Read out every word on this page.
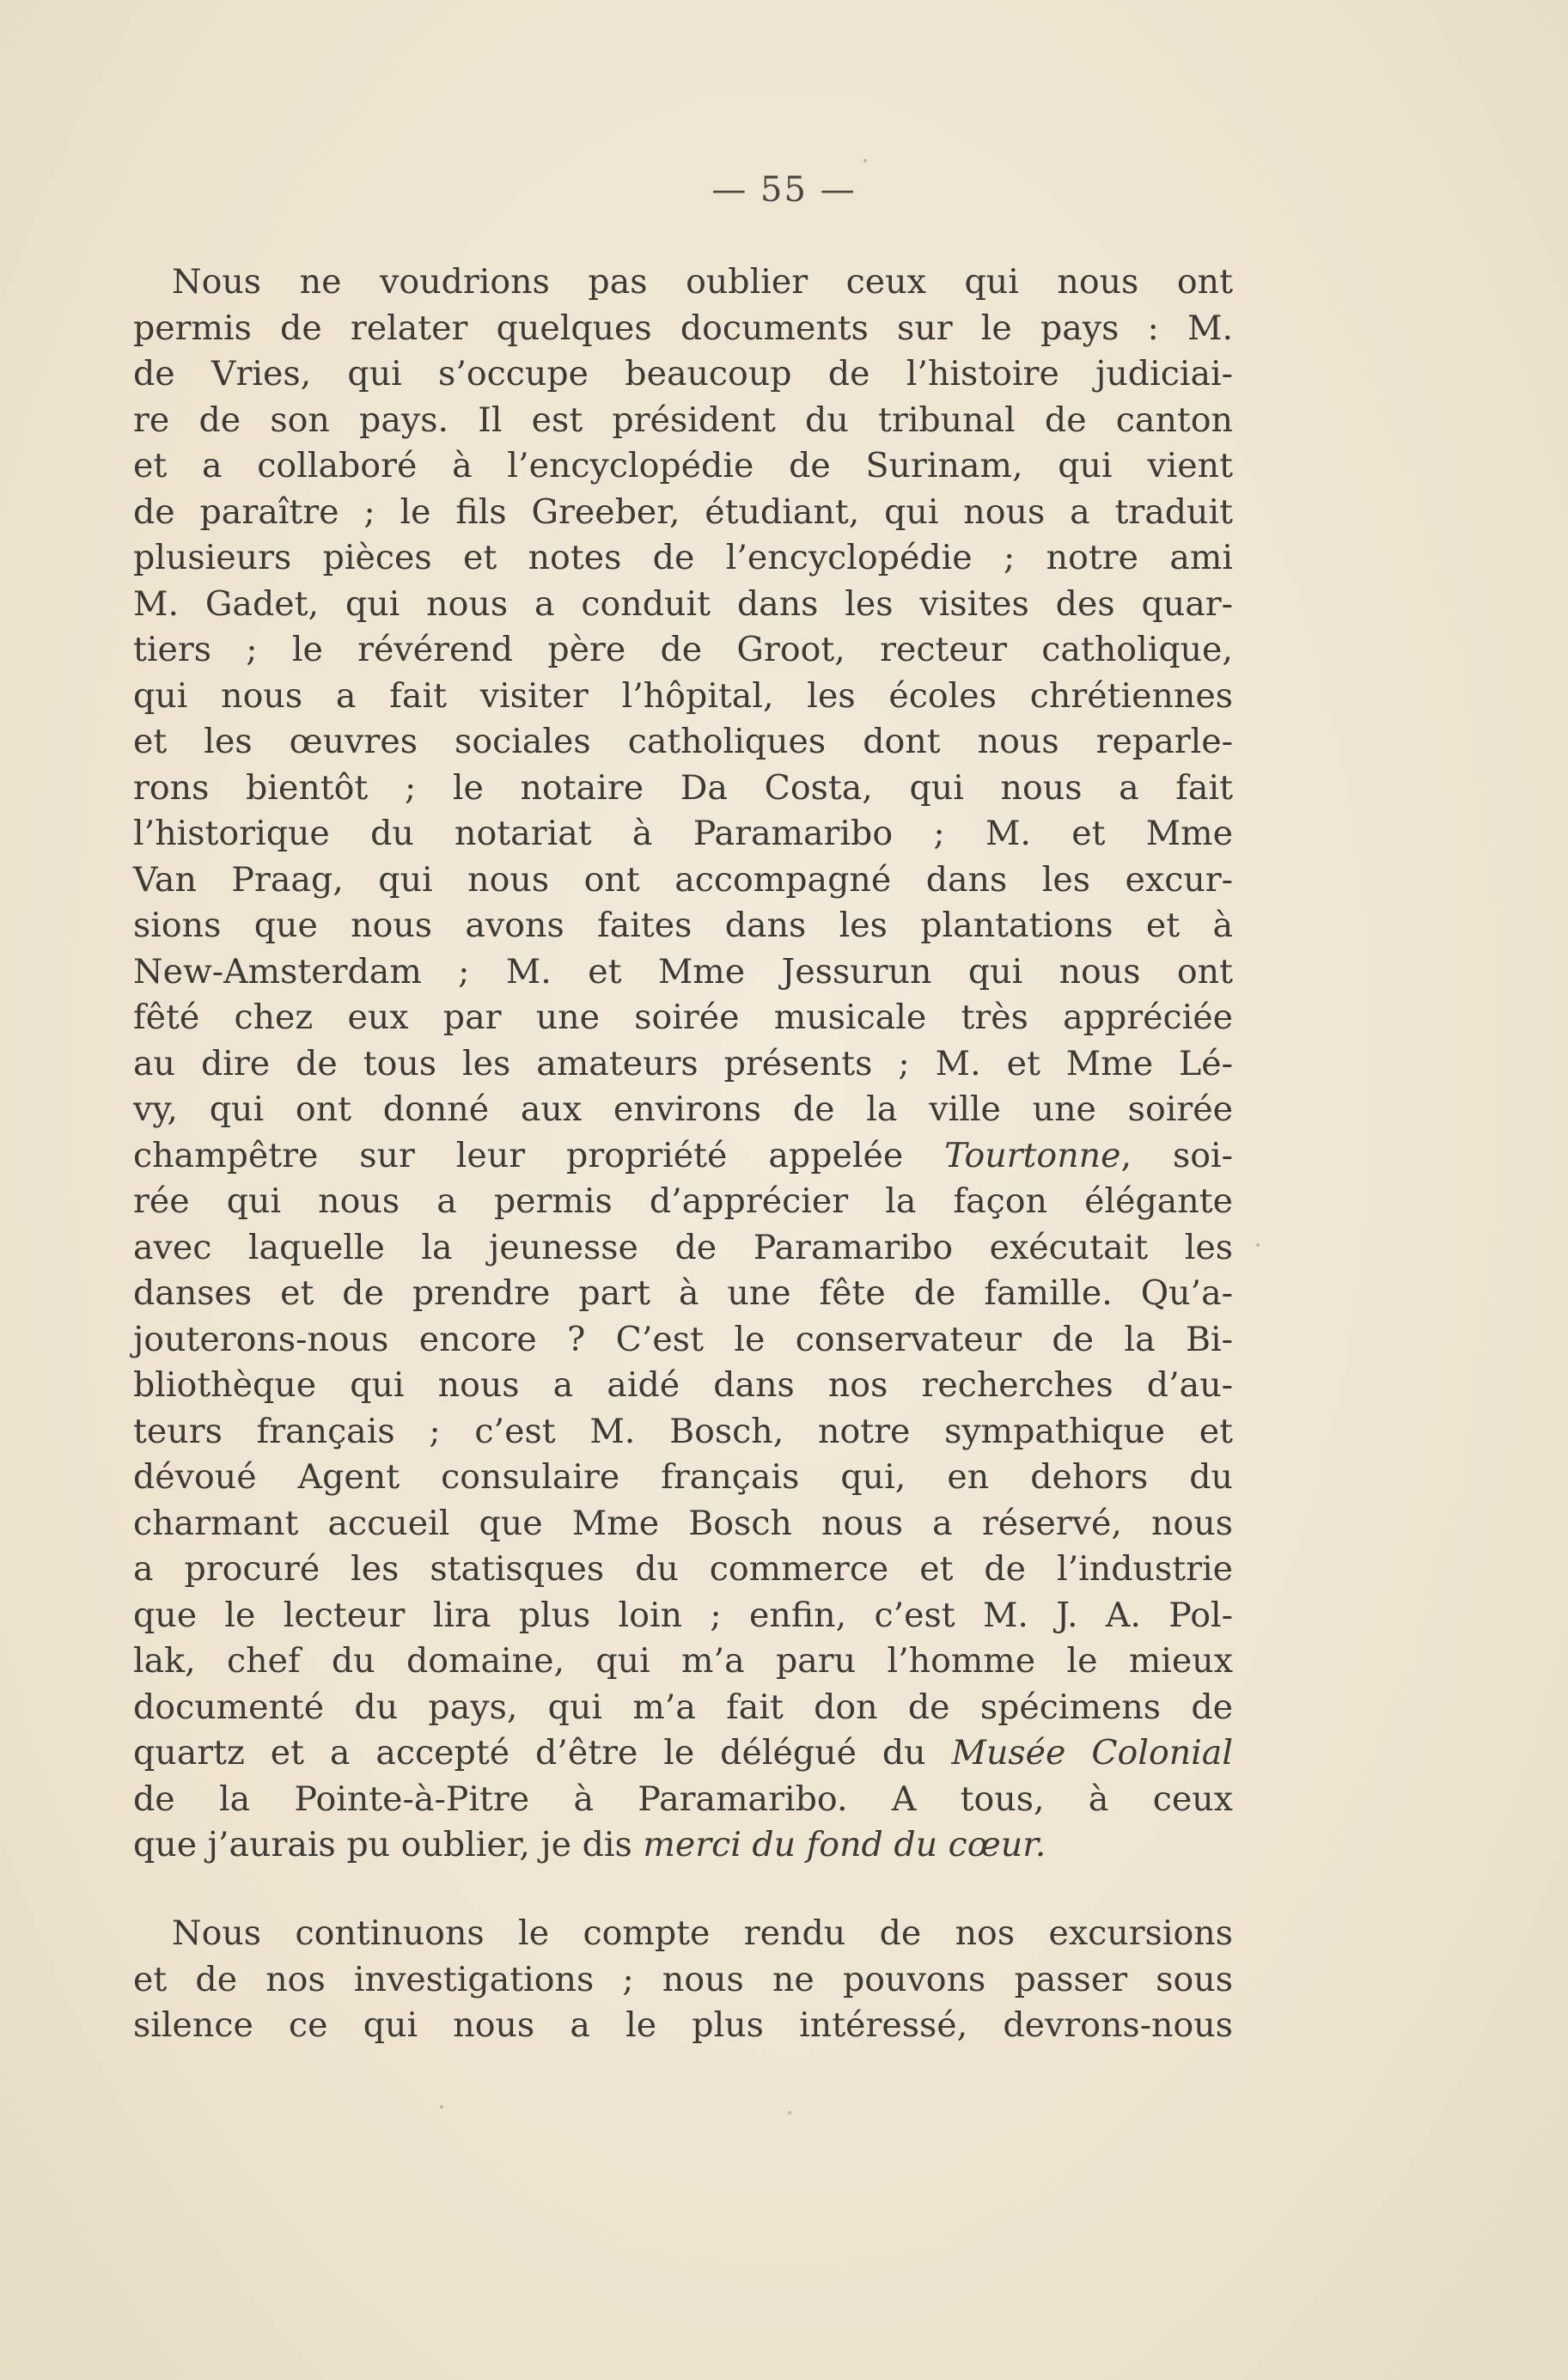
— 55 —
Nous ne voudrions pas oublier ceux qui nous ont
permis de relater quelques documents sur le pays : M.
de Vries, qui s’occupe beaucoup de l’histoire judiciai-
re de son pays. Il est président du tribunal de canton
et a collaboré à l’encyclopédie de Surinam, qui vient
de paraître ; le fils Greeber, étudiant, qui nous a traduit
plusieurs pièces et notes de l’encyclopédie ; notre ami
M. Gadet, qui nous a conduit dans les visites des quar-
tiers ; le révérend père de Groot, recteur catholique,
qui nous a fait visiter l’hôpital, les écoles chrétiennes
et les œuvres sociales catholiques dont nous reparle-
rons bientôt ; le notaire Da Costa, qui nous a fait
l’historique du notariat à Paramaribo ; M. et Mme
Van Praag, qui nous ont accompagné dans les excur-
sions que nous avons faites dans les plantations et à
New-Amsterdam ; M. et Mme Jessurun qui nous ont
fêté chez eux par une soirée musicale très appréciée
au dire de tous les amateurs présents ; M. et Mme Lé-
vy, qui ont donné aux environs de la ville une soirée
champêtre sur leur propriété appelée Tourtonne, soi-
rée qui nous a permis d’apprécier la façon élégante
avec laquelle la jeunesse de Paramaribo exécutait les
danses et de prendre part à une fête de famille. Qu’a-
jouterons-nous encore ? C’est le conservateur de la Bi-
bliothèque qui nous a aidé dans nos recherches d’au-
teurs français ; c’est M. Bosch, notre sympathique et
dévoué Agent consulaire français qui, en dehors du
charmant accueil que Mme Bosch nous a réservé, nous
a procuré les statisques du commerce et de l’industrie
que le lecteur lira plus loin ; enfin, c’est M. J. A. Pol-
lak, chef du domaine, qui m’a paru l’homme le mieux
documenté du pays, qui m’a fait don de spécimens de
quartz et a accepté d’être le délégué du Musée Colonial
de la Pointe-à-Pitre à Paramaribo. A tous, à ceux
que j’aurais pu oublier, je dis merci du fond du cœur.
Nous continuons le compte rendu de nos excursions
et de nos investigations ; nous ne pouvons passer sous
silence ce qui nous a le plus intéressé, devrons-nous
